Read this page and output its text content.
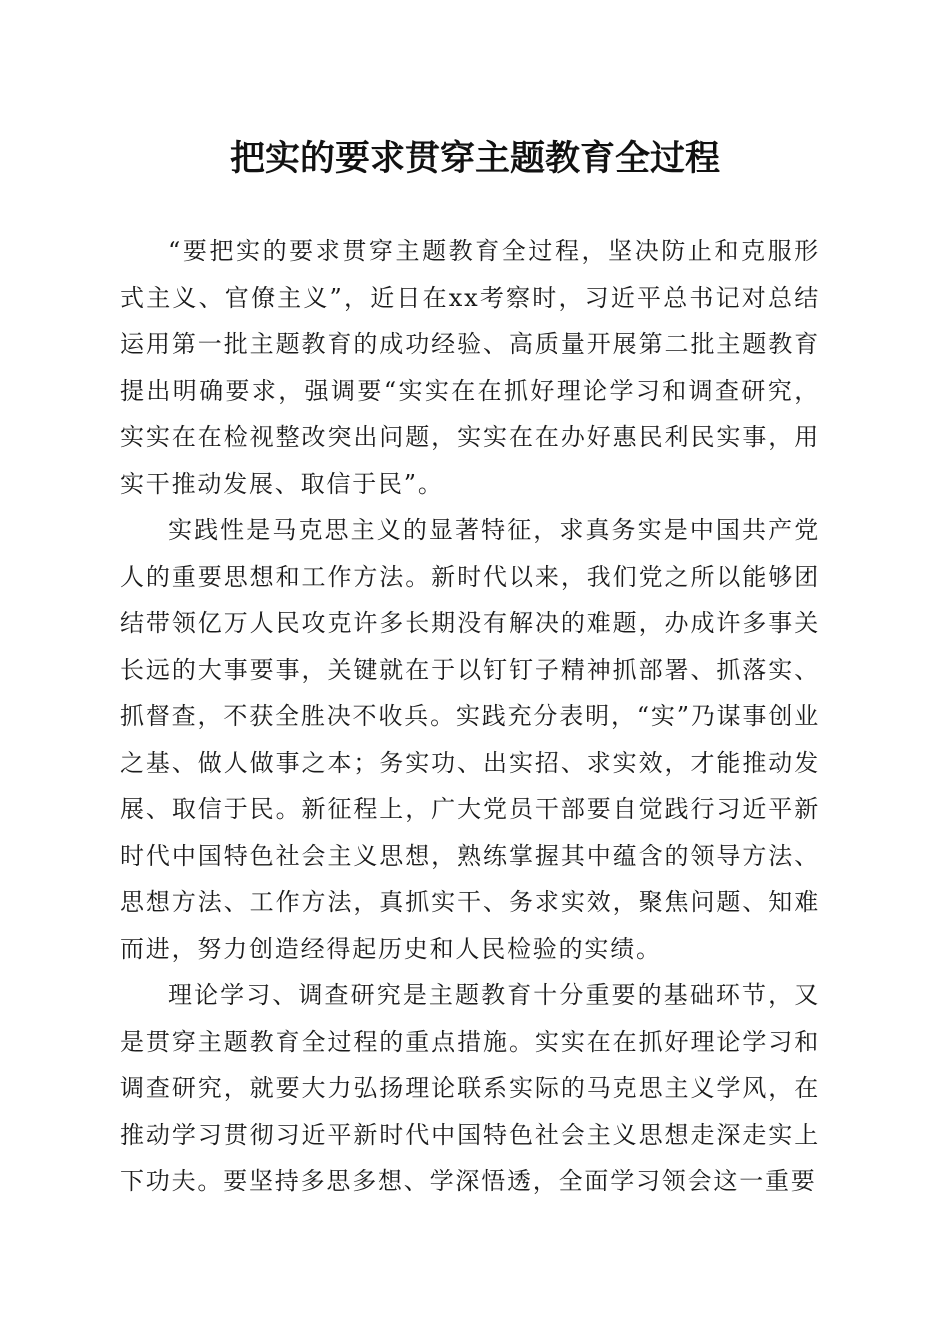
把实的要求贯穿主题教育全过程

“要把实的要求贯穿主题教育全过程，坚决防止和克服形式主义、官僚主义”，近日在xx考察时，习近平总书记对总结运用第一批主题教育的成功经验、高质量开展第二批主题教育提出明确要求，强调要“实实在在抓好理论学习和调查研究，实实在在检视整改突出问题，实实在在办好惠民利民实事，用实干推动发展、取信于民”。

实践性是马克思主义的显著特征，求真务实是中国共产党人的重要思想和工作方法。新时代以来，我们党之所以能够团结带领亿万人民攻克许多长期没有解决的难题，办成许多事关长远的大事要事，关键就在于以钉钉子精神抓部署、抓落实、抓督查，不获全胜决不收兵。实践充分表明，“实”乃谋事创业之基、做人做事之本；务实功、出实招、求实效，才能推动发展、取信于民。新征程上，广大党员干部要自觉践行习近平新时代中国特色社会主义思想，熟练掌握其中蕴含的领导方法、思想方法、工作方法，真抓实干、务求实效，聚焦问题、知难而进，努力创造经得起历史和人民检验的实绩。

理论学习、调查研究是主题教育十分重要的基础环节，又是贯穿主题教育全过程的重点措施。实实在在抓好理论学习和调查研究，就要大力弘扬理论联系实际的马克思主义学风，在推动学习贯彻习近平新时代中国特色社会主义思想走深走实上下功夫。要坚持多思多想、学深悟透，全面学习领会这一重要
